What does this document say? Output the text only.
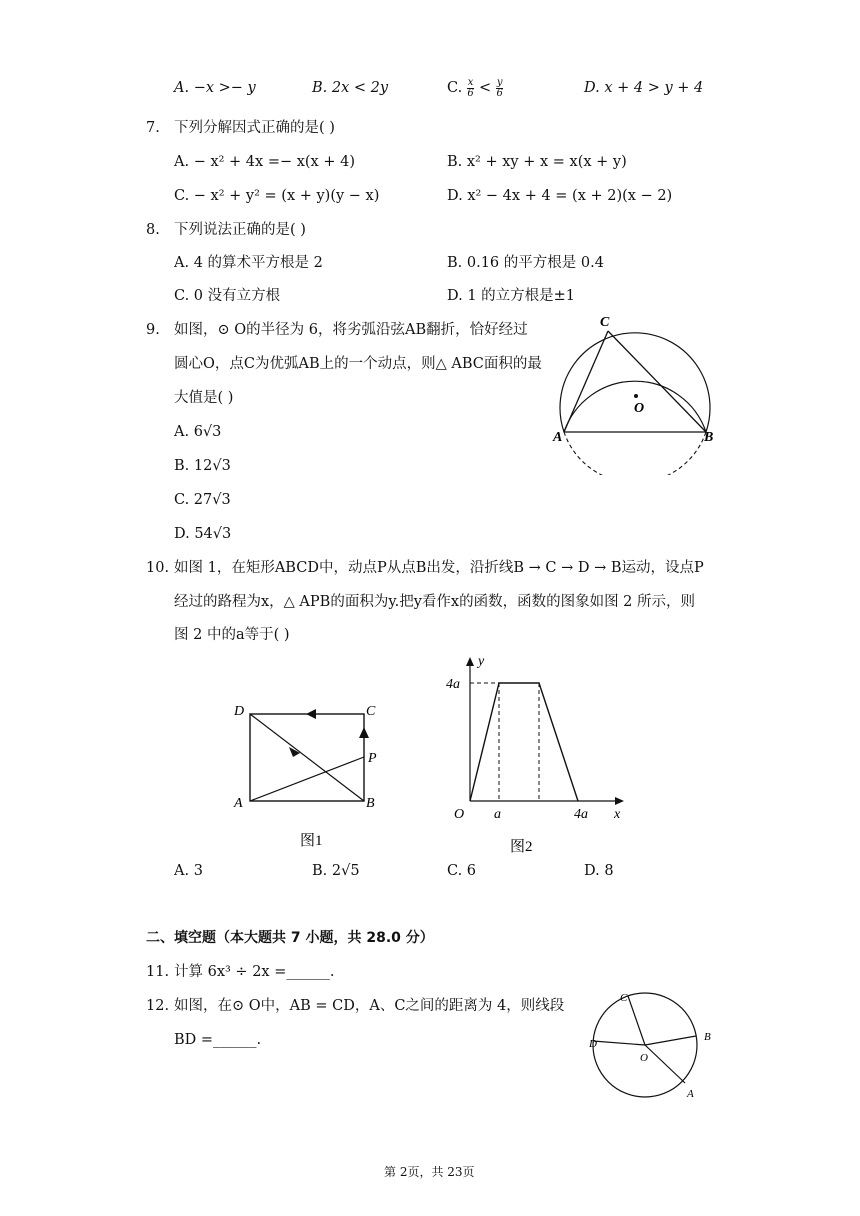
A. −x >− y	B. 2x < 2y	C. $\frac{x}{6} < \frac{y}{6}$	D. x + 4 > y + 4
7. 下列分解因式正确的是( )
A. − x² + 4x =− x(x + 4)	B. x² + xy + x = x(x + y)
C. − x² + y² = (x + y)(y − x)	D. x² − 4x + 4 = (x + 2)(x − 2)
8. 下列说法正确的是( )
A. 4 的算术平方根是 2	B. 0.16 的平方根是 0.4
C. 0 没有立方根	D. 1 的立方根是±1
9. 如图，⊙ O的半径为 6，将劣弧沿弦AB翻折，恰好经过
圆心O，点C为优弧AB上的一个动点，则△ ABC面积的最
大值是( )
A. 6√3
B. 12√3
C. 27√3
D. 54√3
C
O
A	B
10. 如图 1，在矩形ABCD中，动点P从点B出发，沿折线B → C → D → B运动，设点P
经过的路程为x，△ APB的面积为y.把y看作x的函数，函数的图象如图 2 所示，则
图 2 中的a等于( )
D	C
P
A	B
图1
y
4a
O a	4a x
图2
A. 3	B. 2√5	C. 6	D. 8
二、填空题（本大题共 7 小题，共 28.0 分）
11. 计算 6x³ ÷ 2x =______.
12. 如图，在⊙ O中，AB = CD，A、C之间的距离为 4，则线段
BD =______.
C
B
D
O
A
第 2页，共 23页
